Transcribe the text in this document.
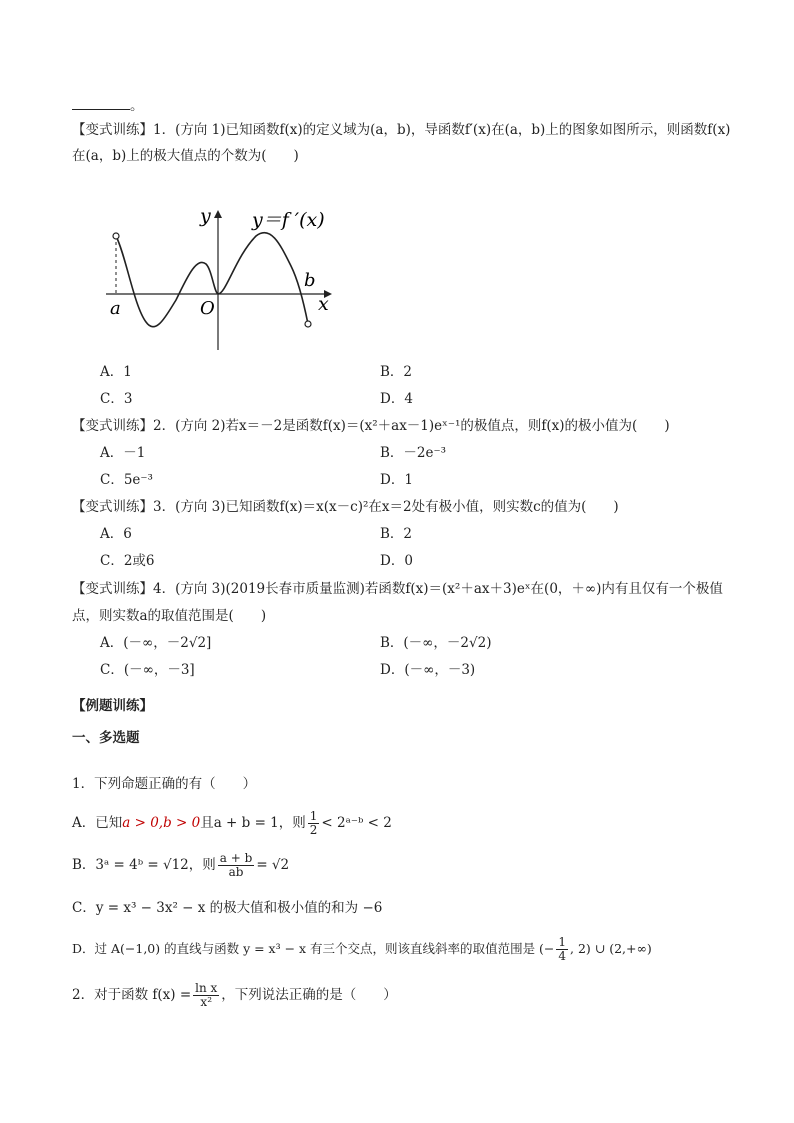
。
【变式训练】1．(方向 1)已知函数f(x)的定义域为(a，b)，导函数f′(x)在(a，b)上的图象如图所示，则函数f(x)
在(a，b)上的极大值点的个数为(　　)
y y＝f ′(x)
x
O
a
b
A．1	B．2
C．3	D．4
【变式训练】2．(方向 2)若x＝－2是函数f(x)＝(x²＋ax－1)eˣ⁻¹的极值点，则f(x)的极小值为(　　)
A．－1	B．－2e⁻³
C．5e⁻³	D．1
【变式训练】3．(方向 3)已知函数f(x)＝x(x－c)²在x＝2处有极小值，则实数c的值为(　　)
A．6	B．2
C．2或6	D．0
【变式训练】4．(方向 3)(2019长春市质量监测)若函数f(x)＝(x²＋ax＋3)eˣ在(0，＋∞)内有且仅有一个极值
点，则实数a的取值范围是(　　)
A．(－∞，－2√2]	B．(－∞，－2√2)
C．(－∞，－3]	D．(－∞，－3)
【例题训练】
一、多选题
1．下列命题正确的有（　　）
A．已知a > 0,b > 0且a + b = 1，则 $\frac{1}{2}$ < 2ᵃ⁻ᵇ < 2
B．3ᵃ = 4ᵇ = √12，则 $\frac{a + b}{ab} = √2$
C．y = x³ − 3x² − x 的极大值和极小值的和为 −6
D．过 A(−1,0) 的直线与函数 y = x³ − x 有三个交点，则该直线斜率的取值范围是 (− $\frac{1}{4}$ , 2) ∪ (2,+∞)
2．对于函数 $f(x) = \frac{\text{ln x}}{\text{x²}}$ ，下列说法正确的是（　　）
